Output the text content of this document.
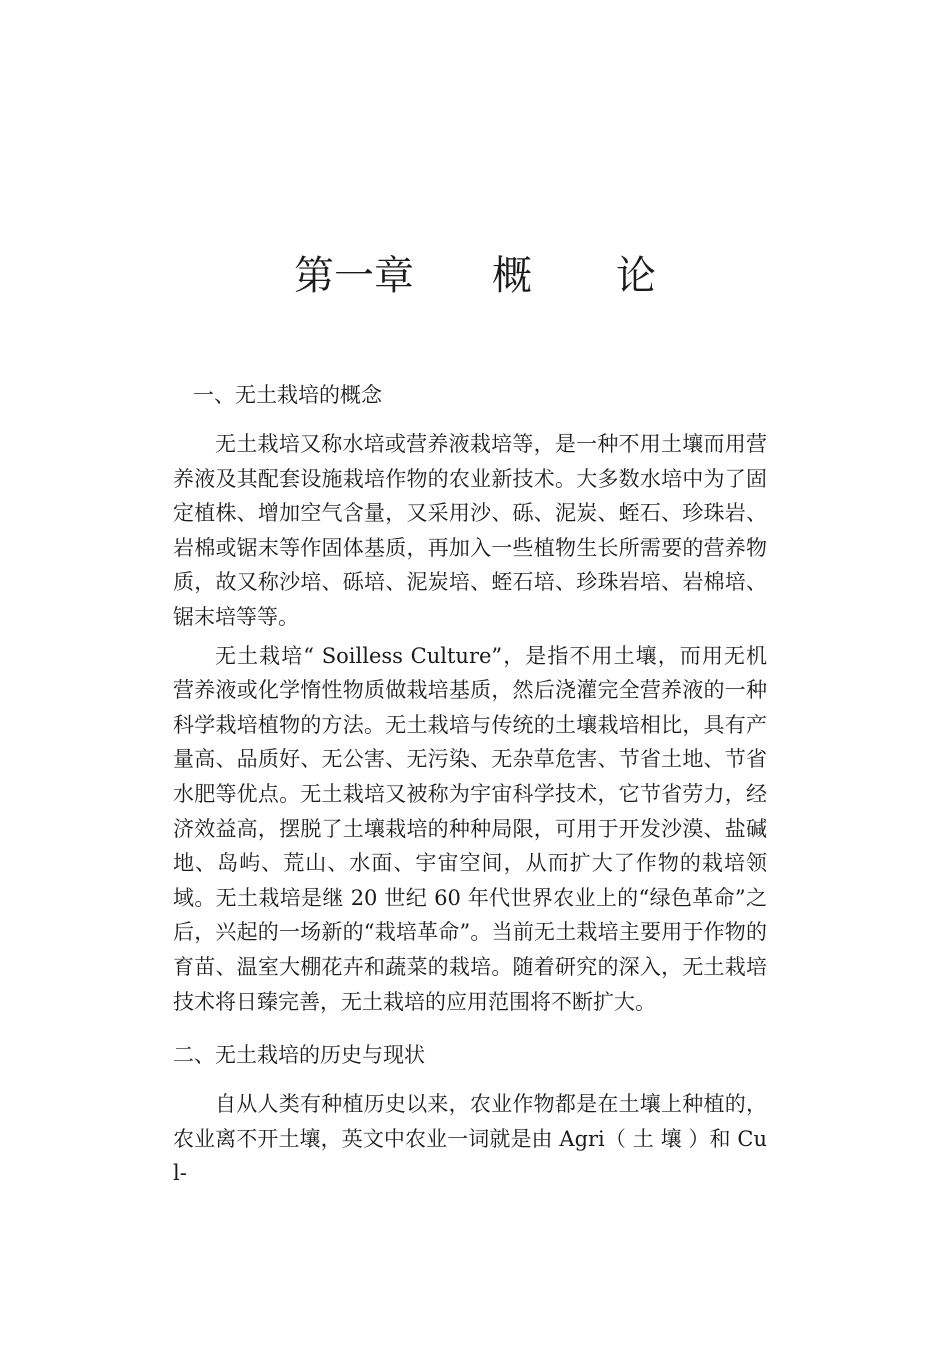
第一章 概 论
一、无土栽培的概念

无土栽培又称水培或营养液栽培等，是一种不用土壤而用营养液及其配套设施栽培作物的农业新技术。大多数水培中为了固定植株、增加空气含量，又采用沙、砾、泥炭、蛭石、珍珠岩、岩棉或锯末等作固体基质，再加入一些植物生长所需要的营养物质，故又称沙培、砾培、泥炭培、蛭石培、珍珠岩培、岩棉培、锯末培等等。

无土栽培“ Soilless Culture”，是指不用土壤，而用无机营养液或化学惰性物质做栽培基质，然后浇灌完全营养液的一种科学栽培植物的方法。无土栽培与传统的土壤栽培相比，具有产量高、品质好、无公害、无污染、无杂草危害、节省土地、节省水肥等优点。无土栽培又被称为宇宙科学技术，它节省劳力，经济效益高，摆脱了土壤栽培的种种局限，可用于开发沙漠、盐碱地、岛屿、荒山、水面、宇宙空间，从而扩大了作物的栽培领域。无土栽培是继 20 世纪 60 年代世界农业上的“绿色革命”之后，兴起的一场新的“栽培革命”。当前无土栽培主要用于作物的育苗、温室大棚花卉和蔬菜的栽培。随着研究的深入，无土栽培技术将日臻完善，无土栽培的应用范围将不断扩大。

二、无土栽培的历史与现状

自从人类有种植历史以来，农业作物都是在土壤上种植的，农业离不开土壤，英文中农业一词就是由 Agri（ 土 壤 ）和 Cul-
